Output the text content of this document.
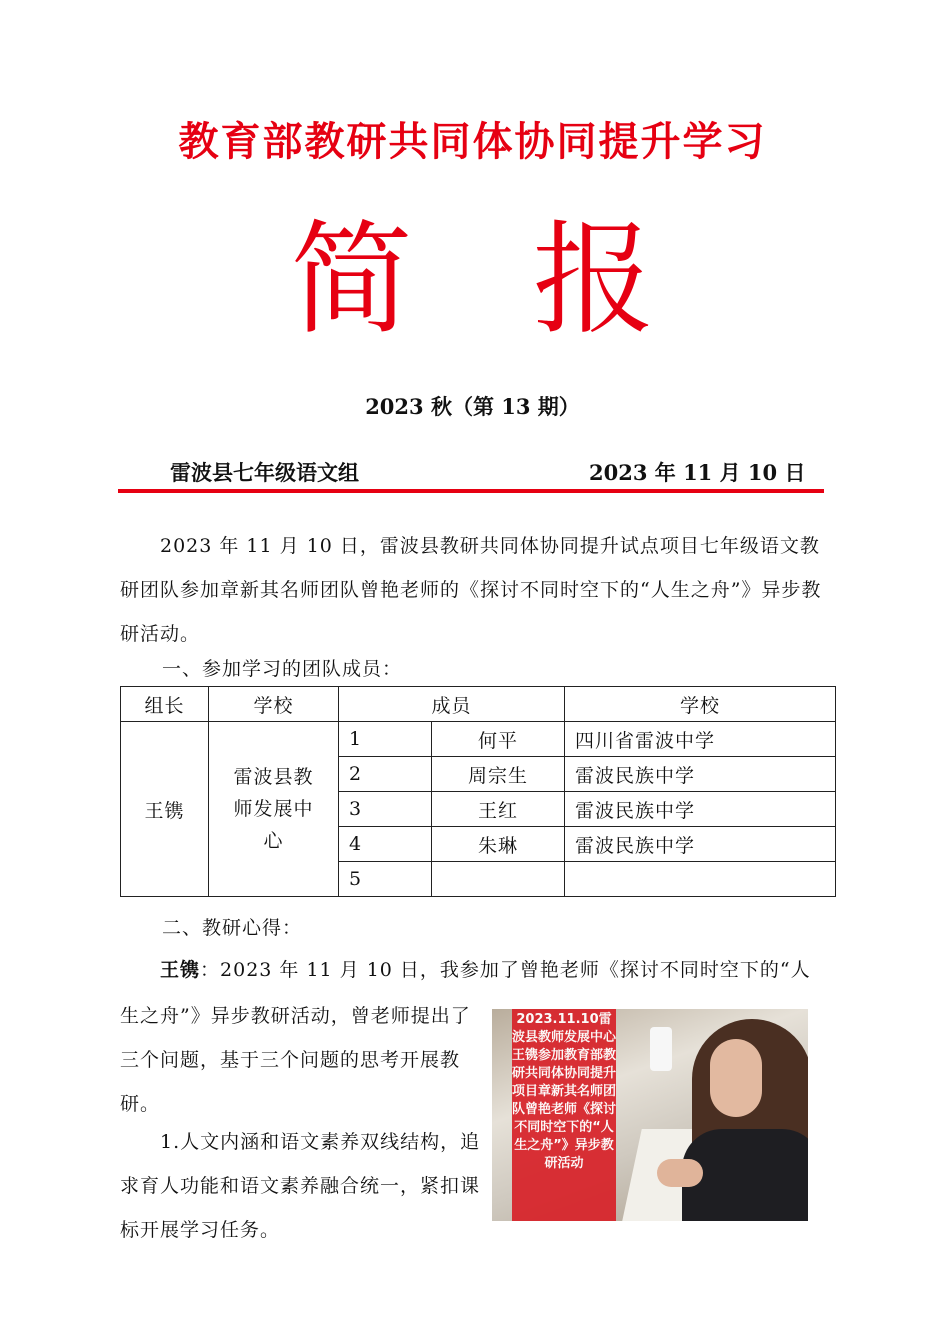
教育部教研共同体协同提升学习
简 报
2023 秋（第 13 期）
雷波县七年级语文组	2023 年 11 月 10 日
2023 年 11 月 10 日，雷波县教研共同体协同提升试点项目七年级语文教研团队参加章新其名师团队曾艳老师的《探讨不同时空下的“人生之舟”》异步教研活动。
一、参加学习的团队成员：
组长	学校	成员		学校
王镌	雷波县教师发展中心	1	何平	四川省雷波中学
		2	周宗生	雷波民族中学
		3	王红	雷波民族中学
		4	朱琳	雷波民族中学
		5		
二、教研心得：
王镌：2023 年 11 月 10 日，我参加了曾艳老师《探讨不同时空下的“人
生之舟”》异步教研活动，曾老师提出了三个问题，基于三个问题的思考开展教研。
1.人文内涵和语文素养双线结构，追求育人功能和语文素养融合统一，紧扣课标开展学习任务。
2023.11.10雷波县教师发展中心王镌参加教育部教研共同体协同提升项目章新其名师团队曾艳老师《探讨不同时空下的“人生之舟”》异步教研活动
